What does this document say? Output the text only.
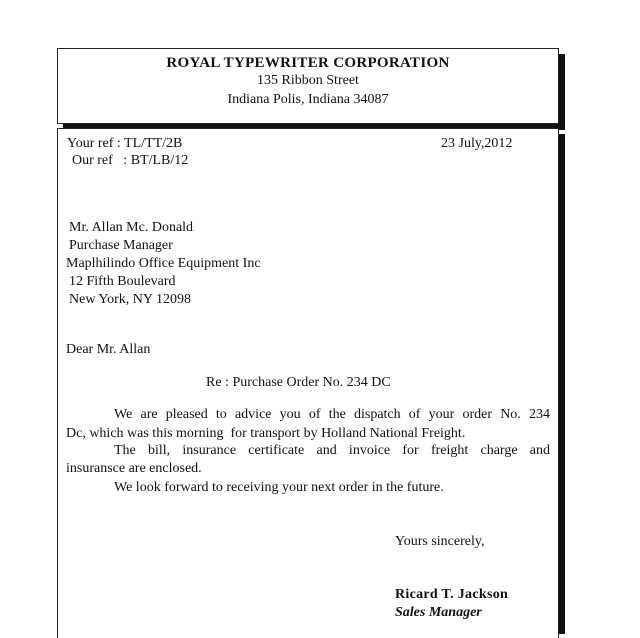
ROYAL TYPEWRITER CORPORATION
135 Ribbon Street
Indiana Polis, Indiana 34087
Your ref : TL/TT/2B
Our ref   : BT/LB/12
23 July,2012
Mr. Allan Mc. Donald
Purchase Manager
Maplhilindo Office Equipment Inc
12 Fifth Boulevard
New York, NY 12098
Dear Mr. Allan
Re : Purchase Order No. 234 DC
We are pleased to advice you of the dispatch of your order No. 234
Dc, which was this morning  for transport by Holland National Freight.
The bill, insurance certificate and invoice for freight charge and
insuransce are enclosed.
We look forward to receiving your next order in the future.
Yours sincerely,
Ricard T. Jackson
Sales Manager
